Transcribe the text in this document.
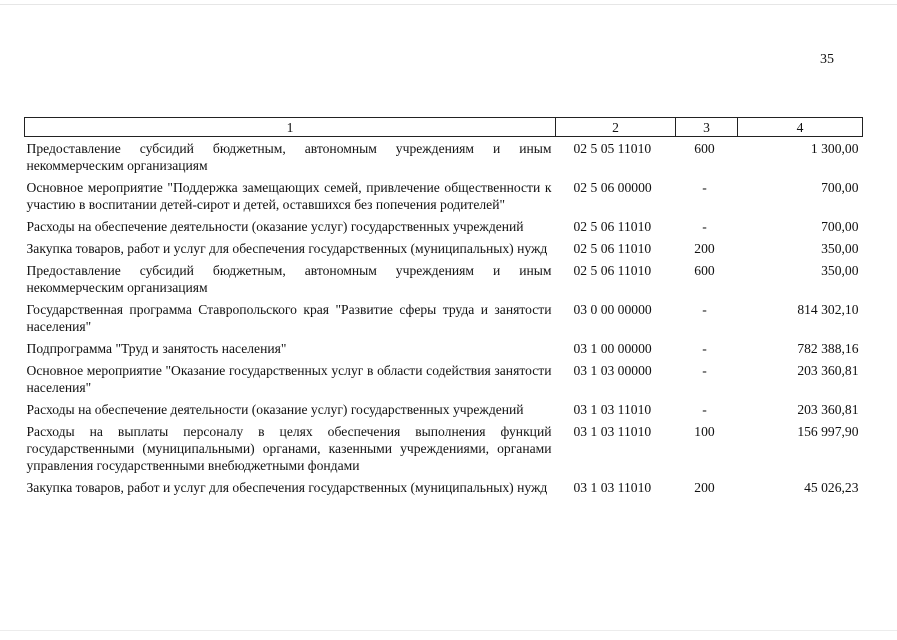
35
1	2	3	4
Предоставление субсидий бюджетным, автономным учреждениям и иным некоммерческим организациям	02 5 05 11010	600	1 300,00
Основное мероприятие "Поддержка замещающих семей, привлечение общественности к участию в воспитании детей-сирот и детей, оставшихся без попечения родителей"	02 5 06 00000	-	700,00
Расходы на обеспечение деятельности (оказание услуг) государственных учреждений	02 5 06 11010	-	700,00
Закупка товаров, работ и услуг для обеспечения государственных (муниципальных) нужд	02 5 06 11010	200	350,00
Предоставление субсидий бюджетным, автономным учреждениям и иным некоммерческим организациям	02 5 06 11010	600	350,00
Государственная программа Ставропольского края "Развитие сферы труда и занятости населения"	03 0 00 00000	-	814 302,10
Подпрограмма "Труд и занятость населения"	03 1 00 00000	-	782 388,16
Основное мероприятие "Оказание государственных услуг в области содействия занятости населения"	03 1 03 00000	-	203 360,81
Расходы на обеспечение деятельности (оказание услуг) государственных учреждений	03 1 03 11010	-	203 360,81
Расходы на выплаты персоналу в целях обеспечения выполнения функций государственными (муниципальными) органами, казенными учреждениями, органами управления государственными внебюджетными фондами	03 1 03 11010	100	156 997,90
Закупка товаров, работ и услуг для обеспечения государственных (муниципальных) нужд	03 1 03 11010	200	45 026,23
